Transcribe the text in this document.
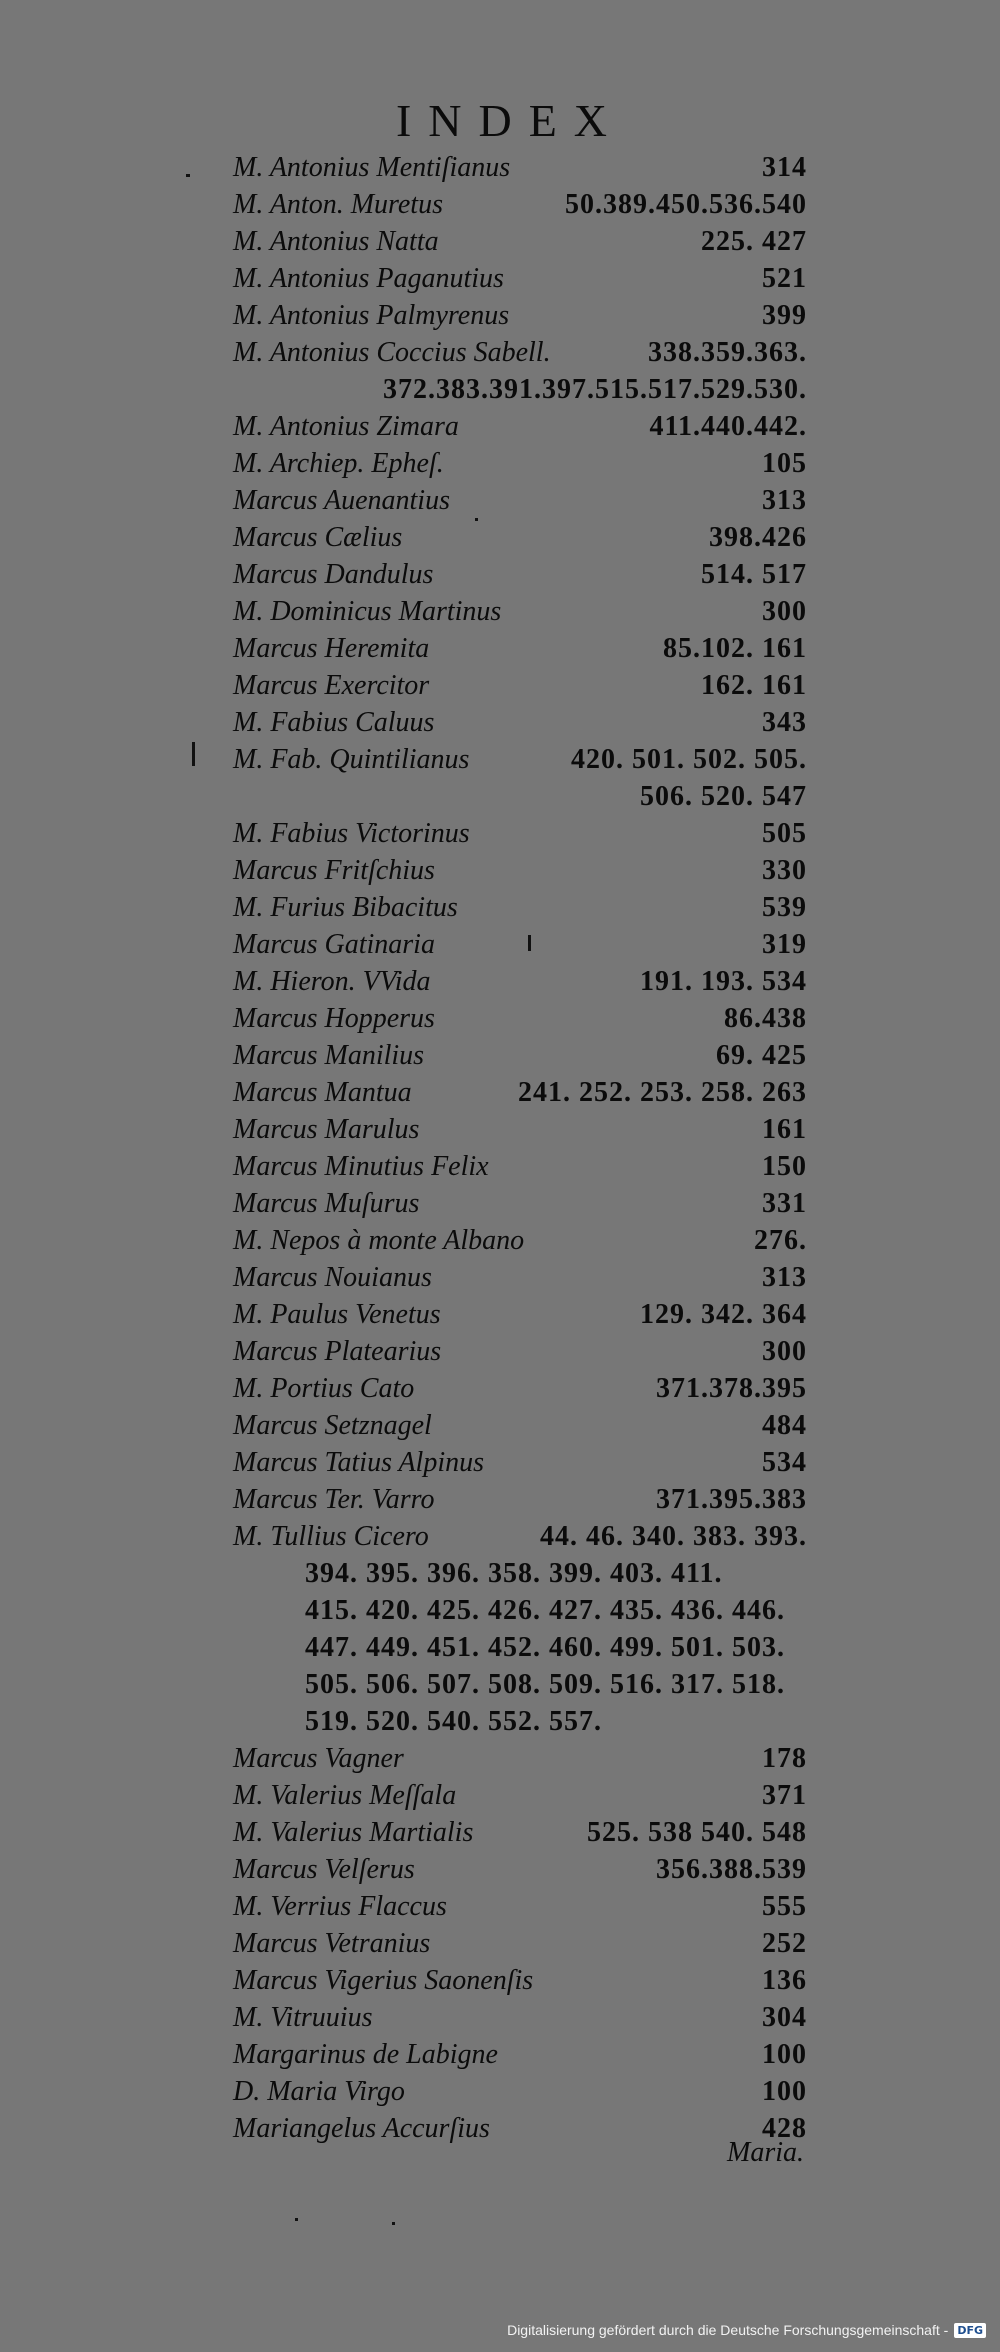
INDEX
M. Antonius Mentiſianus	314
M. Anton. Muretus	50.389.450.536.540
M. Antonius Natta	225. 427
M. Antonius Paganutius	521
M. Antonius Palmyrenus	399
M. Antonius Coccius Sabell.	338.359.363.
372.383.391.397.515.517.529.530.
M. Antonius Zimara	411.440.442.
M. Archiep. Epheſ.	105
Marcus Auenantius	313
Marcus Cælius	398.426
Marcus Dandulus	514. 517
M. Dominicus Martinus	300
Marcus Heremita	85.102. 161
Marcus Exercitor	162. 161
M. Fabius Caluus	343
M. Fab. Quintilianus	420. 501. 502. 505.
506. 520. 547
M. Fabius Victorinus	505
Marcus Fritſchius	330
M. Furius Bibacitus	539
Marcus Gatinaria	319
M. Hieron. VVida	191. 193. 534
Marcus Hopperus	86.438
Marcus Manilius	69. 425
Marcus Mantua	241. 252. 253. 258. 263
Marcus Marulus	161
Marcus Minutius Felix	150
Marcus Muſurus	331
M. Nepos à monte Albano	276.
Marcus Nouianus	313
M. Paulus Venetus	129. 342. 364
Marcus Platearius	300
M. Portius Cato	371.378.395
Marcus Setznagel	484
Marcus Tatius Alpinus	534
Marcus Ter. Varro	371.395.383
M. Tullius Cicero	44. 46. 340. 383. 393.
394. 395. 396. 358. 399. 403. 411.
415. 420. 425. 426. 427. 435. 436. 446.
447. 449. 451. 452. 460. 499. 501. 503.
505. 506. 507. 508. 509. 516. 317. 518.
519. 520. 540. 552. 557.
Marcus Vagner	178
M. Valerius Meſſala	371
M. Valerius Martialis	525. 538 540. 548
Marcus Velſerus	356.388.539
M. Verrius Flaccus	555
Marcus Vetranius	252
Marcus Vigerius Saonenſis	136
M. Vitruuius	304
Margarinus de Labigne	100
D. Maria Virgo	100
Mariangelus Accurſius	428
Maria.
Digitalisierung gefördert durch die Deutsche Forschungsgemeinschaft - DFG
